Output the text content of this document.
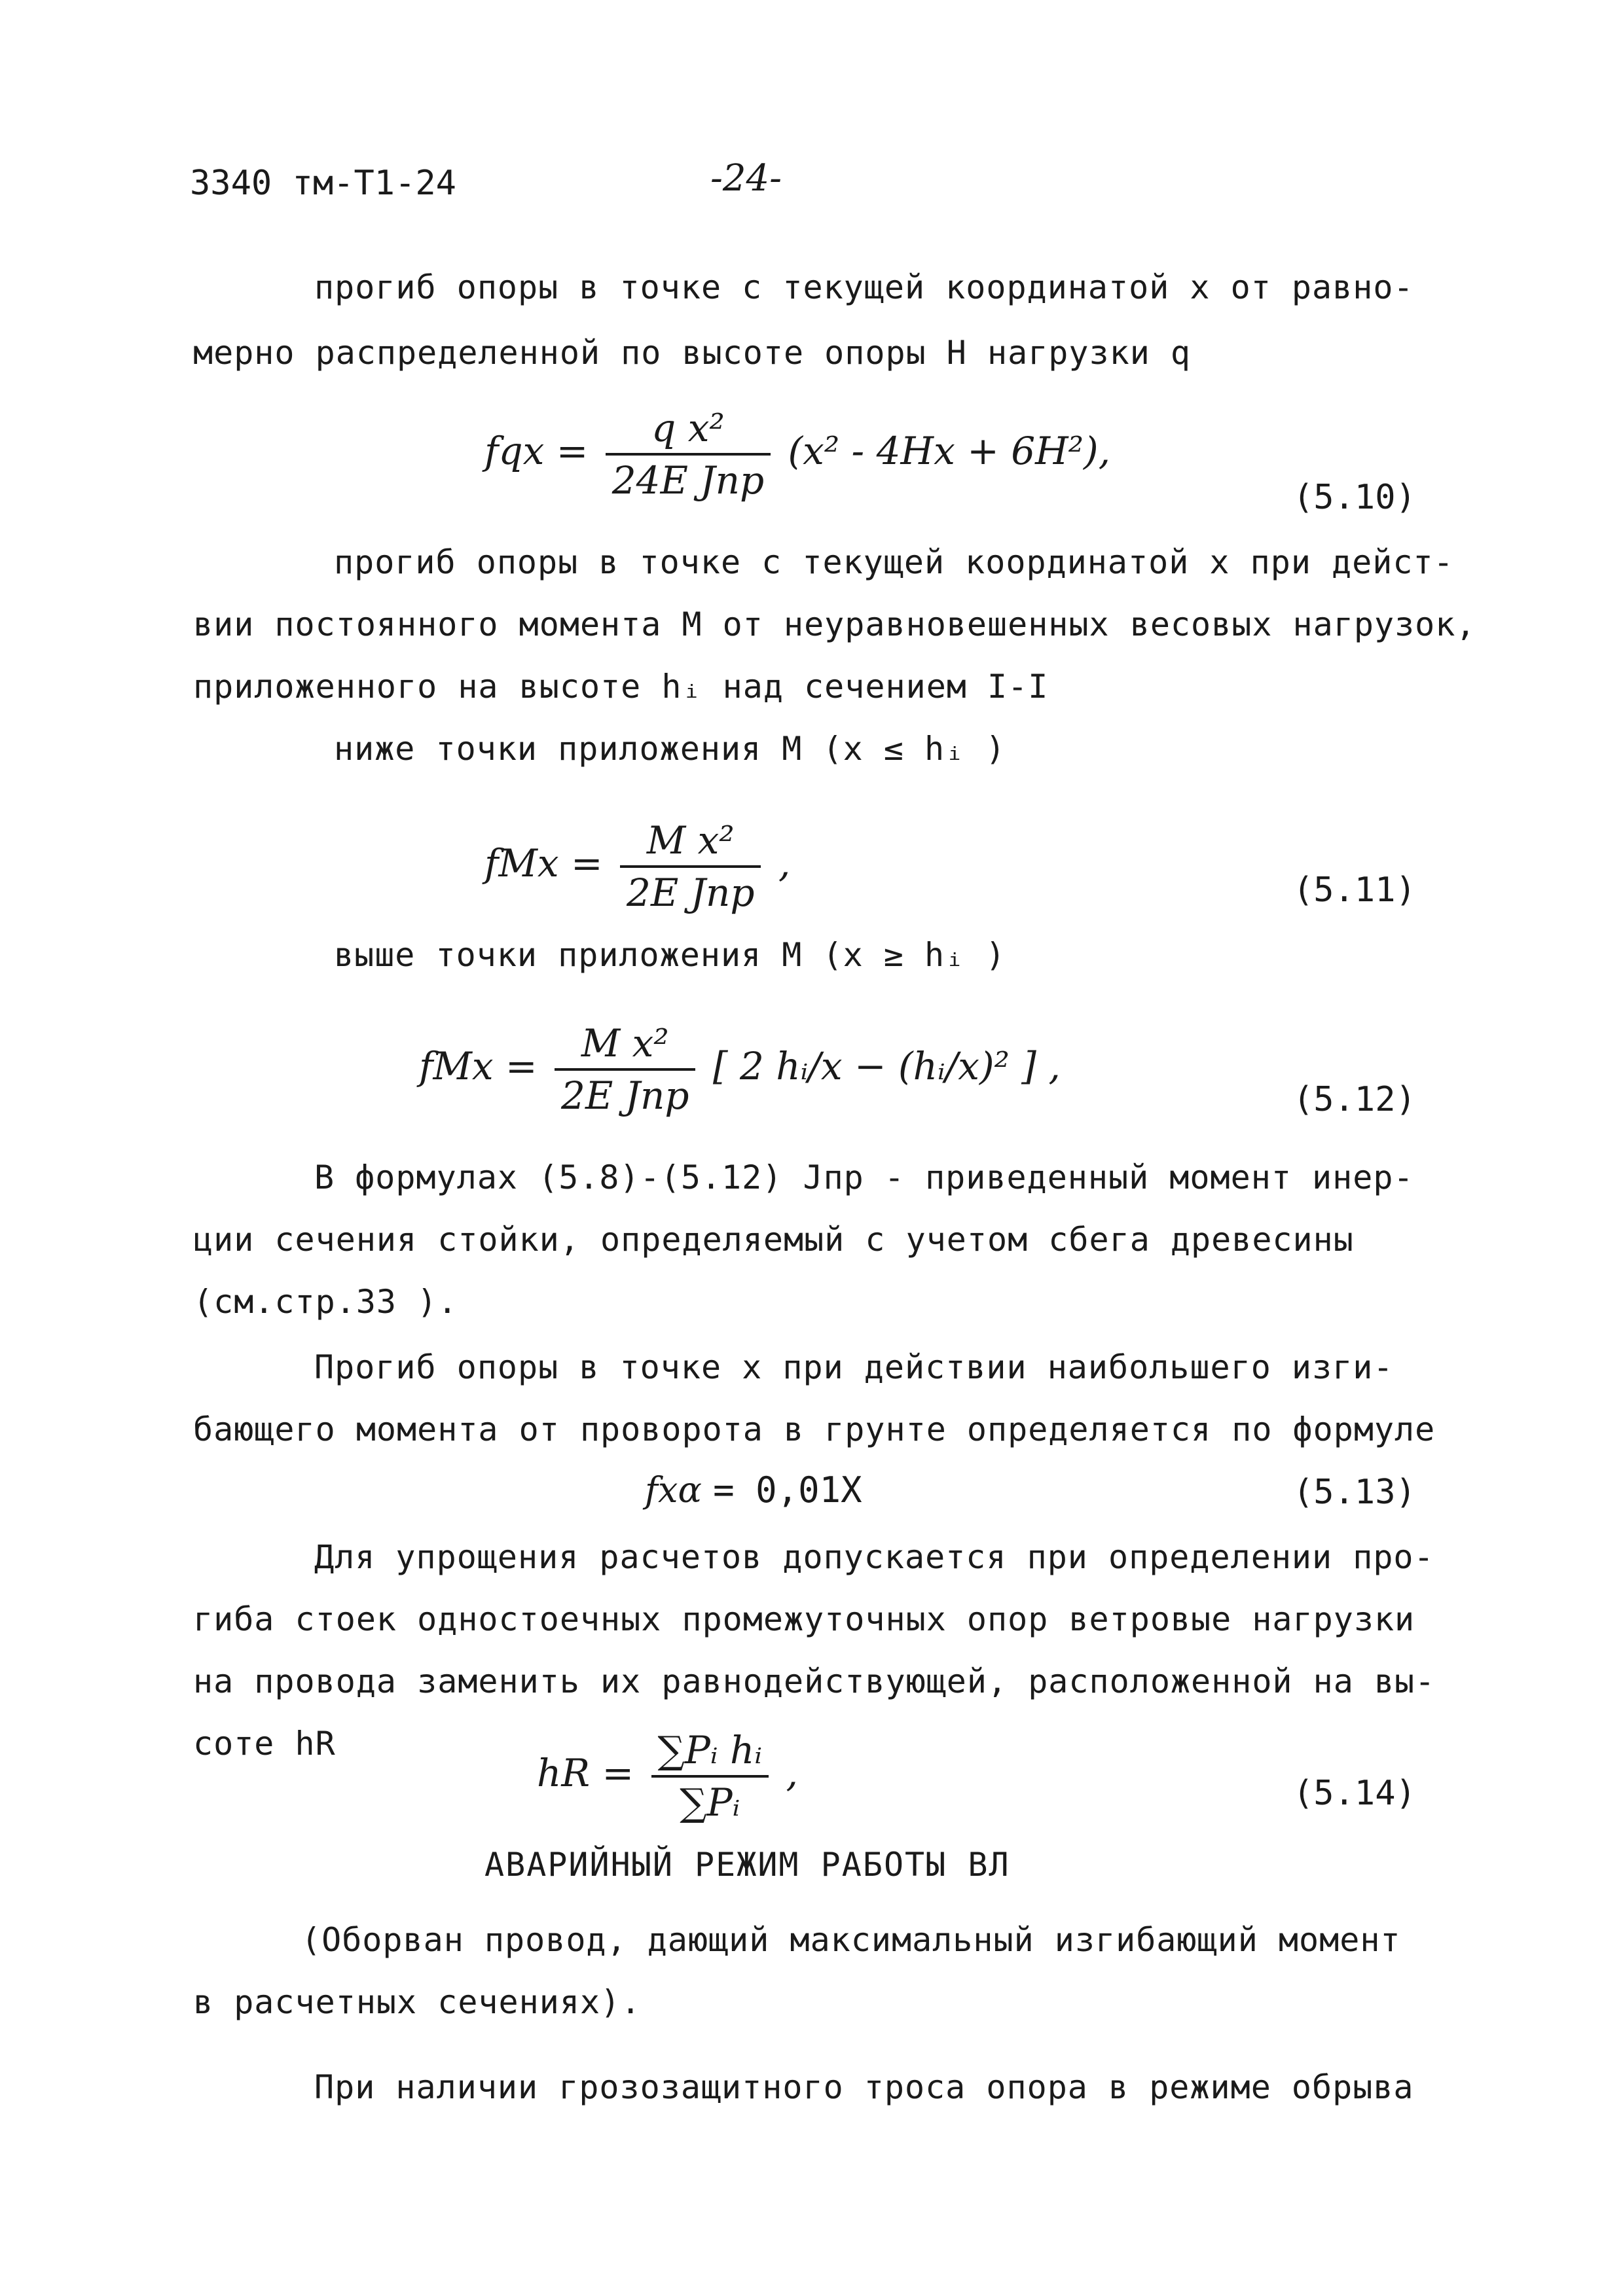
3340 тм-Т1-24	-24-
прогиб опоры в точке с текущей координатой x от равно-
мерно распределенной по высоте опоры Н нагрузки q
fqx = $\frac{\text{q x²}}{\text{24E Jпр}} (x^2 - 4Hx + 6H^2)$,
(5.10)
прогиб опоры в точке с текущей координатой x при дейст-
вии постоянного момента М от неуравновешенных весовых нагрузок,
приложенного на высоте hᵢ над сечением I-I
ниже точки приложения М (x ≤ hᵢ )
fMx = $\frac{\text{M x²}}{\text{2E Jпр}}$ ,
(5.11)
выше точки приложения М (x ≥ hᵢ )
fMx = $\frac{\text{M x²}}{\text{2E Jпр}}$ [ 2 hᵢ/x − (hᵢ/x)² ] ,
(5.12)
В формулах (5.8)-(5.12) Jпр - приведенный момент инер-
ции сечения стойки, определяемый с учетом сбега древесины
(см.стр.33 ).
Прогиб опоры в точке x при действии наибольшего изги-
бающего момента от проворота в грунте определяется по формуле
fxα = 0,01X	(5.13)
Для упрощения расчетов допускается при определении про-
гиба стоек одностоечных промежуточных опор ветровые нагрузки
на провода заменить их равнодействующей, расположенной на вы-
соте hR
hR = $\frac{\text{∑Pᵢ hᵢ}}{\text{∑Pᵢ}}$ ,	(5.14)
АВАРИЙНЫЙ РЕЖИМ РАБОТЫ ВЛ
(Оборван провод, дающий максимальный изгибающий момент
в расчетных сечениях).
При наличии грозозащитного троса опора в режиме обрыва
